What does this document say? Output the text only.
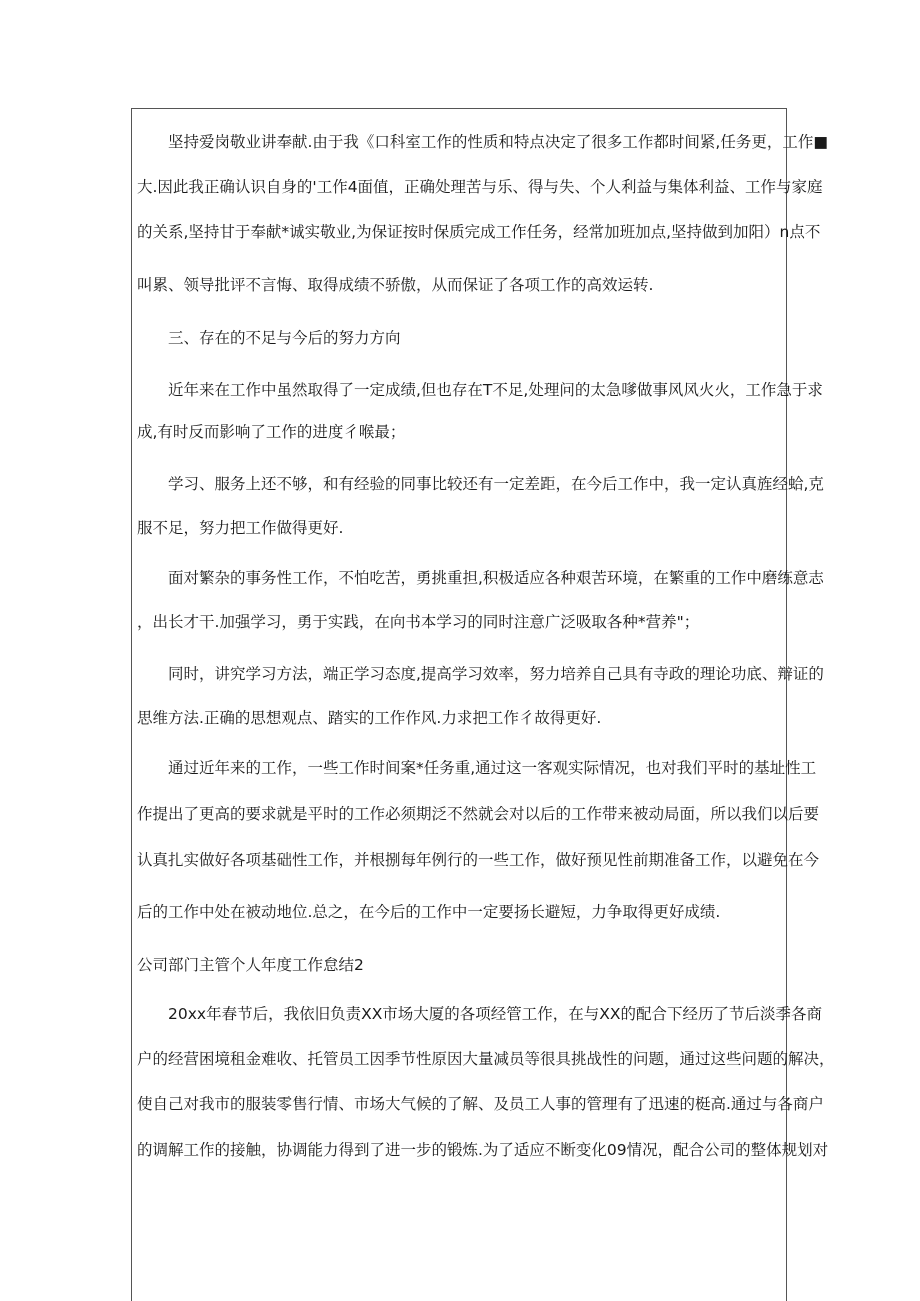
坚持爱岗敬业讲奉献.由于我《口科室工作的性质和特点决定了很多工作都时间紧,任务更，工作■
大.因此我正确认识自身的'工作4面值，正确处理苦与乐、得与失、个人利益与集体利益、工作与家庭
的关系,坚持甘于奉献*诚实敬业,为保证按时保质完成工作任务，经常加班加点,坚持做到加阳）n点不
叫累、领导批评不言悔、取得成绩不骄傲，从而保证了各项工作的高效运转.
三、存在的不足与今后的努力方向
近年来在工作中虽然取得了一定成绩,但也存在T不足,处理问的太急嗲做事风风火火，工作急于求
成,有时反而影响了工作的进度彳喉最；
学习、服务上还不够，和有经验的同事比较还有一定差距，在今后工作中，我一定认真旌经蛤,克
服不足，努力把工作做得更好.
面对繁杂的事务性工作，不怕吃苦，勇挑重担,积极适应各种艰苦环境，在繁重的工作中磨练意志
，出长才干.加强学习，勇于实践，在向书本学习的同时注意广泛吸取各种*营养"；
同时，讲究学习方法，端正学习态度,提高学习效率，努力培养自己具有寺政的理论功底、辩证的
思维方法.正确的思想观点、踏实的工作作风.力求把工作彳故得更好.
通过近年来的工作，一些工作时间案*任务重,通过这一客观实际情况，也对我们平时的基址性工
作提出了更高的要求就是平时的工作必须期泛不然就会对以后的工作带来被动局面，所以我们以后要
认真扎实做好各项基础性工作，并根捌每年例行的一些工作，做好预见性前期准备工作，以避免在今
后的工作中处在被动地位.总之，在今后的工作中一定要扬长避短，力争取得更好成绩.
公司部门主管个人年度工作怠结2
20xx年春节后，我依旧负责XX市场大厦的各项经管工作，在与XX的配合下经历了节后淡季各商
户的经营困境租金难收、托管员工因季节性原因大量减员等很具挑战性的问题，通过这些问题的解决，
使自己对我市的服装零售行情、市场大气候的了解、及员工人事的管理有了迅速的梃高.通过与各商户
的调解工作的接触，协调能力得到了进一步的锻炼.为了适应不断变化09情况，配合公司的整体规划对
